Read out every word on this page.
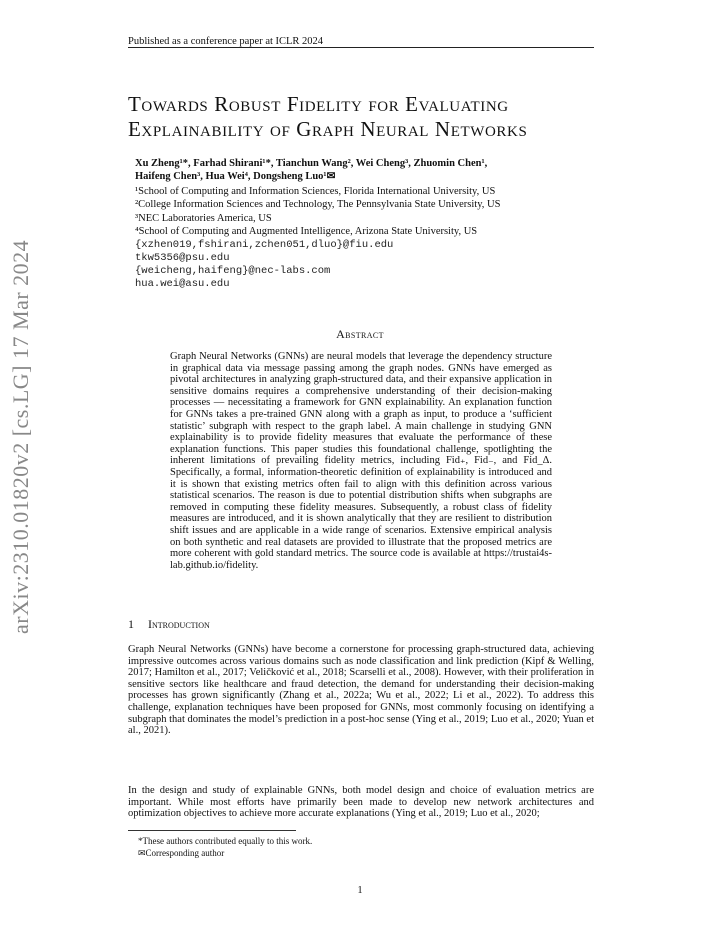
Published as a conference paper at ICLR 2024
arXiv:2310.01820v2 [cs.LG] 17 Mar 2024
Towards Robust Fidelity for Evaluating Explainability of Graph Neural Networks
Xu Zheng¹*, Farhad Shirani¹*, Tianchun Wang², Wei Cheng³, Zhuomin Chen¹,
Haifeng Chen³, Hua Wei⁴, Dongsheng Luo¹✉
¹School of Computing and Information Sciences, Florida International University, US
²College Information Sciences and Technology, The Pennsylvania State University, US
³NEC Laboratories America, US
⁴School of Computing and Augmented Intelligence, Arizona State University, US
{xzhen019,fshirani,zchen051,dluo}@fiu.edu
tkw5356@psu.edu
{weicheng,haifeng}@nec-labs.com
hua.wei@asu.edu
Abstract
Graph Neural Networks (GNNs) are neural models that leverage the dependency structure in graphical data via message passing among the graph nodes. GNNs have emerged as pivotal architectures in analyzing graph-structured data, and their expansive application in sensitive domains requires a comprehensive understanding of their decision-making processes — necessitating a framework for GNN explainability. An explanation function for GNNs takes a pre-trained GNN along with a graph as input, to produce a ‘sufficient statistic’ subgraph with respect to the graph label. A main challenge in studying GNN explainability is to provide fidelity measures that evaluate the performance of these explanation functions. This paper studies this foundational challenge, spotlighting the inherent limitations of prevailing fidelity metrics, including Fid₊, Fid₋, and Fid_Δ. Specifically, a formal, information-theoretic definition of explainability is introduced and it is shown that existing metrics often fail to align with this definition across various statistical scenarios. The reason is due to potential distribution shifts when subgraphs are removed in computing these fidelity measures. Subsequently, a robust class of fidelity measures are introduced, and it is shown analytically that they are resilient to distribution shift issues and are applicable in a wide range of scenarios. Extensive empirical analysis on both synthetic and real datasets are provided to illustrate that the proposed metrics are more coherent with gold standard metrics. The source code is available at https://trustai4s-lab.github.io/fidelity.
1 Introduction
Graph Neural Networks (GNNs) have become a cornerstone for processing graph-structured data, achieving impressive outcomes across various domains such as node classification and link prediction (Kipf & Welling, 2017; Hamilton et al., 2017; Veličković et al., 2018; Scarselli et al., 2008). However, with their proliferation in sensitive sectors like healthcare and fraud detection, the demand for understanding their decision-making processes has grown significantly (Zhang et al., 2022a; Wu et al., 2022; Li et al., 2022). To address this challenge, explanation techniques have been proposed for GNNs, most commonly focusing on identifying a subgraph that dominates the model’s prediction in a post-hoc sense (Ying et al., 2019; Luo et al., 2020; Yuan et al., 2021).
In the design and study of explainable GNNs, both model design and choice of evaluation metrics are important. While most efforts have primarily been made to develop new network architectures and optimization objectives to achieve more accurate explanations (Ying et al., 2019; Luo et al., 2020;
*These authors contributed equally to this work.
✉Corresponding author
1
